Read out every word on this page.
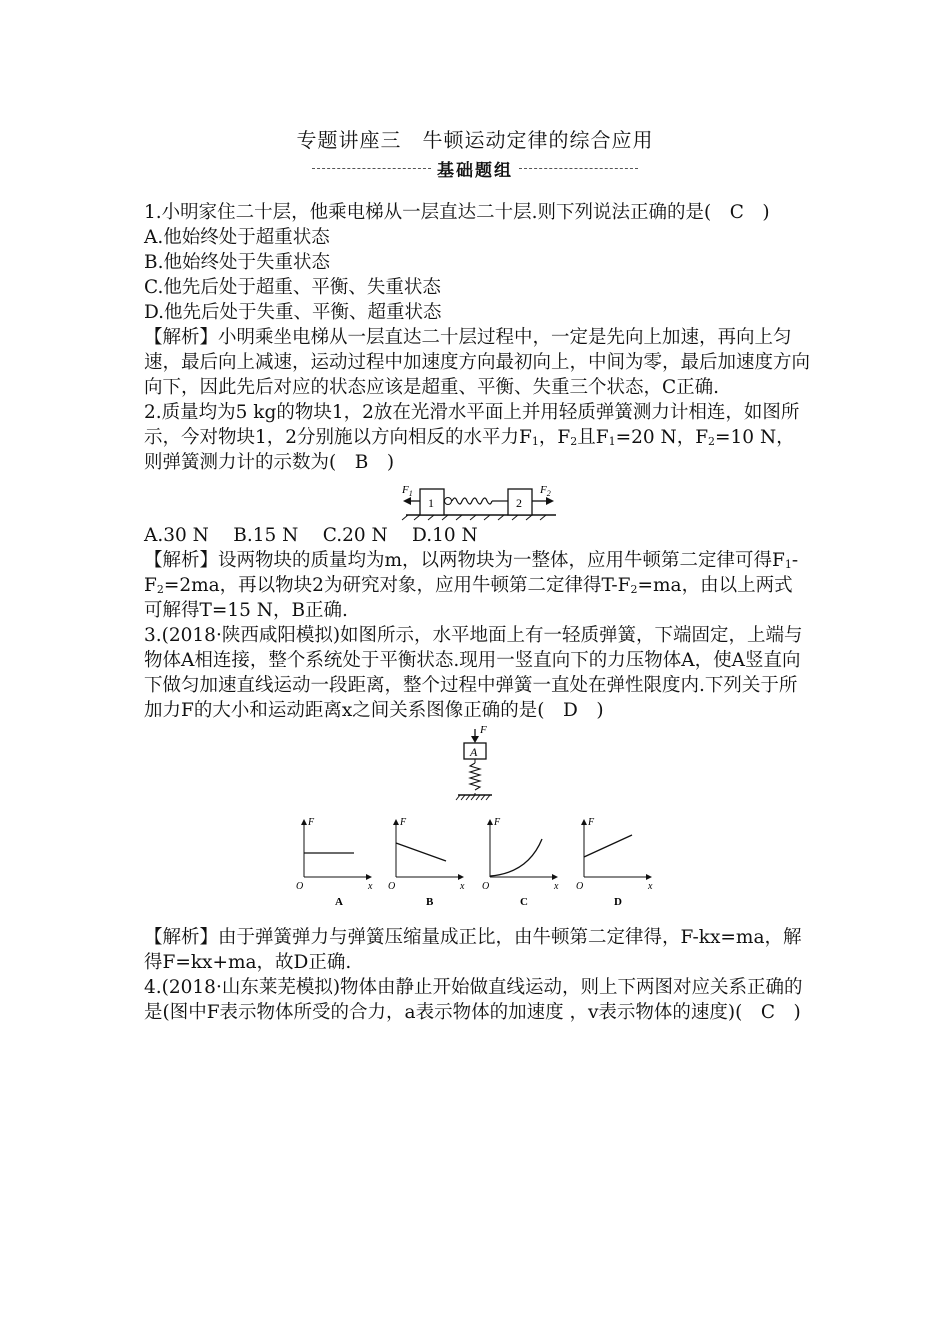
专题讲座三　牛顿运动定律的综合应用
基础题组

1.小明家住二十层，他乘电梯从一层直达二十层.则下列说法正确的是(　C　)

A.他始终处于超重状态

B.他始终处于失重状态

C.他先后处于超重、平衡、失重状态

D.他先后处于失重、平衡、超重状态

【解析】小明乘坐电梯从一层直达二十层过程中，一定是先向上加速，再向上匀速，最后向上减速，运动过程中加速度方向最初向上，中间为零，最后加速度方向向下，因此先后对应的状态应该是超重、平衡、失重三个状态，C正确.

2.质量均为5 kg的物块1，2放在光滑水平面上并用轻质弹簧测力计相连，如图所示，今对物块1，2分别施以方向相反的水平力$F_1$，$F_2$且$F_1=20$ N，$F_2=10$ N，则弹簧测力计的示数为(　B　)

$F_1$
1	2
$F_2$

A.30 N　 B.15 N　 C.20 N　 D.10 N

【解析】设两物块的质量均为m，以两物块为一整体，应用牛顿第二定律可得$F_1-F_2=2ma$，再以物块2为研究对象，应用牛顿第二定律得$T-F_2=ma$，由以上两式可解得T=15 N，B正确.

3.(2018·陕西咸阳模拟)如图所示，水平地面上有一轻质弹簧，下端固定，上端与物体A相连接，整个系统处于平衡状态.现用一竖直向下的力压物体A，使A竖直向下做匀加速直线运动一段距离，整个过程中弹簧一直处在弹性限度内.下列关于所加力F的大小和运动距离x之间关系图像正确的是(　D　)

F
A
F
O	x
A
F
O	x
B
F
O	x
C
F
O	x
D

【解析】由于弹簧弹力与弹簧压缩量成正比，由牛顿第二定律得，F-kx=ma，解得F=kx+ma，故D正确.

4.(2018·山东莱芜模拟)物体由静止开始做直线运动，则上下两图对应关系正确的是(图中F表示物体所受的合力，a表示物体的加速度 ，v表示物体的速度)(　C　)
